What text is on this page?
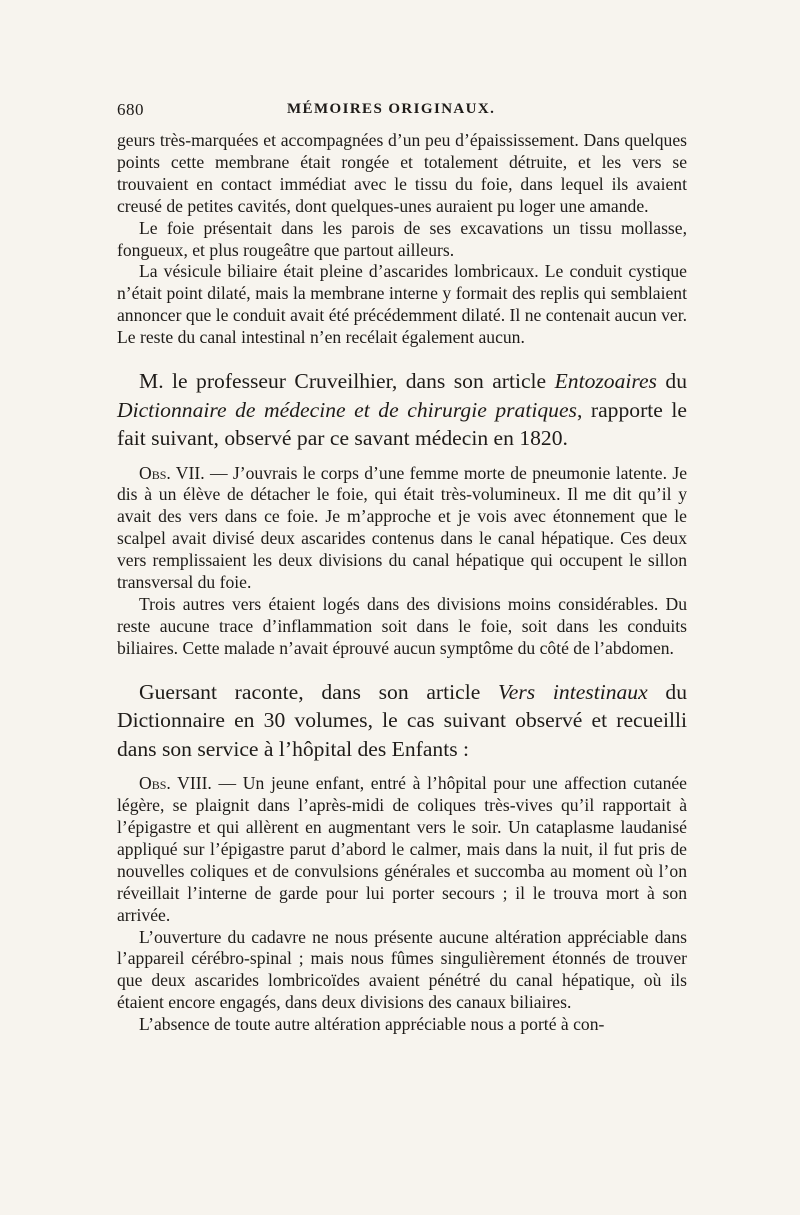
680	MÉMOIRES ORIGINAUX.

geurs très-marquées et accompagnées d’un peu d’épaississement. Dans quelques points cette membrane était rongée et totalement détruite, et les vers se trouvaient en contact immédiat avec le tissu du foie, dans lequel ils avaient creusé de petites cavités, dont quelques-unes auraient pu loger une amande.

Le foie présentait dans les parois de ses excavations un tissu mollasse, fongueux, et plus rougeâtre que partout ailleurs.

La vésicule biliaire était pleine d’ascarides lombricaux. Le conduit cystique n’était point dilaté, mais la membrane interne y formait des replis qui semblaient annoncer que le conduit avait été précédemment dilaté. Il ne contenait aucun ver. Le reste du canal intestinal n’en recélait également aucun.

M. le professeur Cruveilhier, dans son article Entozoaires du Dictionnaire de médecine et de chirurgie pratiques, rapporte le fait suivant, observé par ce savant médecin en 1820.

Obs. VII. — J’ouvrais le corps d’une femme morte de pneumonie latente. Je dis à un élève de détacher le foie, qui était très-volumineux. Il me dit qu’il y avait des vers dans ce foie. Je m’approche et je vois avec étonnement que le scalpel avait divisé deux ascarides contenus dans le canal hépatique. Ces deux vers remplissaient les deux divisions du canal hépatique qui occupent le sillon transversal du foie.

Trois autres vers étaient logés dans des divisions moins considérables. Du reste aucune trace d’inflammation soit dans le foie, soit dans les conduits biliaires. Cette malade n’avait éprouvé aucun symptôme du côté de l’abdomen.

Guersant raconte, dans son article Vers intestinaux du Dictionnaire en 30 volumes, le cas suivant observé et recueilli dans son service à l’hôpital des Enfants :

Obs. VIII. — Un jeune enfant, entré à l’hôpital pour une affection cutanée légère, se plaignit dans l’après-midi de coliques très-vives qu’il rapportait à l’épigastre et qui allèrent en augmentant vers le soir. Un cataplasme laudanisé appliqué sur l’épigastre parut d’abord le calmer, mais dans la nuit, il fut pris de nouvelles coliques et de convulsions générales et succomba au moment où l’on réveillait l’interne de garde pour lui porter secours ; il le trouva mort à son arrivée.

L’ouverture du cadavre ne nous présente aucune altération appréciable dans l’appareil cérébro-spinal ; mais nous fûmes singulièrement étonnés de trouver que deux ascarides lombricoïdes avaient pénétré du canal hépatique, où ils étaient encore engagés, dans deux divisions des canaux biliaires.

L’absence de toute autre altération appréciable nous a porté à con-
